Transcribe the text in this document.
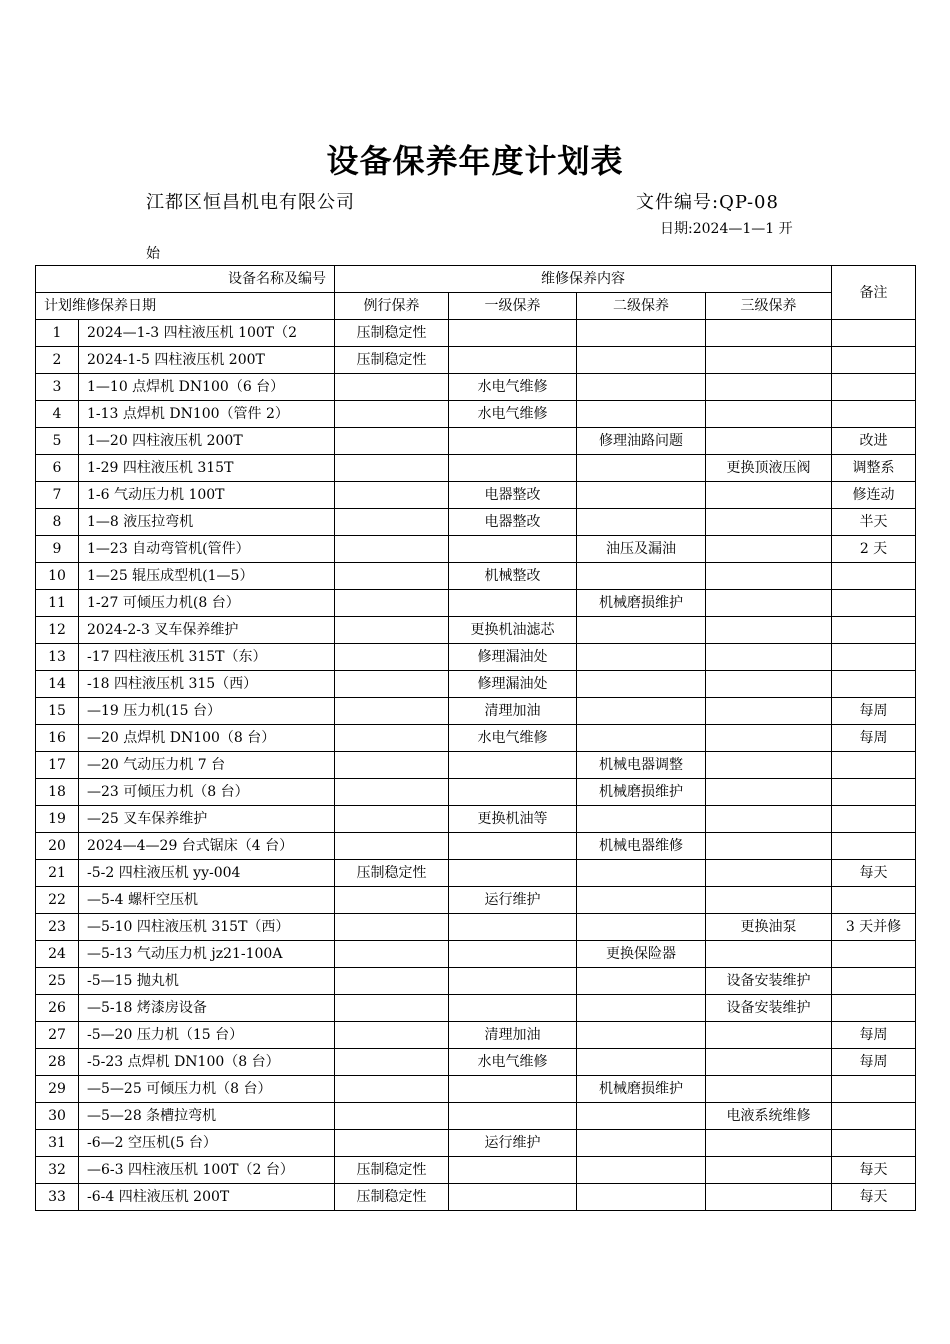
设备保养年度计划表
江都区恒昌机电有限公司	文件编号:QP-08
日期:2024—1—1 开
始
设备名称及编号		维修保养内容				备注
计划维修保养日期		例行保养	一级保养	二级保养	三级保养	
1	2024—1-3 四柱液压机 100T（2	压制稳定性				
2	2024-1-5 四柱液压机 200T	压制稳定性				
3	1—10 点焊机 DN100（6 台）		水电气维修			
4	1-13 点焊机 DN100（管件 2）		水电气维修			
5	1—20 四柱液压机 200T			修理油路问题		改进
6	1-29 四柱液压机 315T				更换顶液压阀	调整系
7	1-6 气动压力机 100T		电器整改			修连动
8	1—8 液压拉弯机		电器整改			半天
9	1—23 自动弯管机(管件）			油压及漏油		2 天
10	1—25 辊压成型机(1—5）		机械整改			
11	1-27 可倾压力机(8 台）			机械磨损维护		
12	2024-2-3 叉车保养维护		更换机油滤芯			
13	-17 四柱液压机 315T（东）		修理漏油处			
14	-18 四柱液压机 315（西）		修理漏油处			
15	—19 压力机(15 台）		清理加油			每周
16	—20 点焊机 DN100（8 台）		水电气维修			每周
17	—20 气动压力机 7 台			机械电器调整		
18	—23 可倾压力机（8 台）			机械磨损维护		
19	—25 叉车保养维护		更换机油等			
20	2024—4—29 台式锯床（4 台）			机械电器维修		
21	-5-2 四柱液压机 yy-004	压制稳定性				每天
22	—5-4 螺杆空压机		运行维护			
23	—5-10 四柱液压机 315T（西）				更换油泵	3 天并修
24	—5-13 气动压力机 jz21-100A			更换保险器		
25	-5—15 抛丸机				设备安装维护	
26	—5-18 烤漆房设备				设备安装维护	
27	-5—20 压力机（15 台）		清理加油			每周
28	-5-23 点焊机 DN100（8 台）		水电气维修			每周
29	—5—25 可倾压力机（8 台）			机械磨损维护		
30	—5—28 条槽拉弯机				电液系统维修	
31	-6—2 空压机(5 台）		运行维护			
32	—6-3 四柱液压机 100T（2 台）	压制稳定性				每天
33	-6-4 四柱液压机 200T	压制稳定性				每天
